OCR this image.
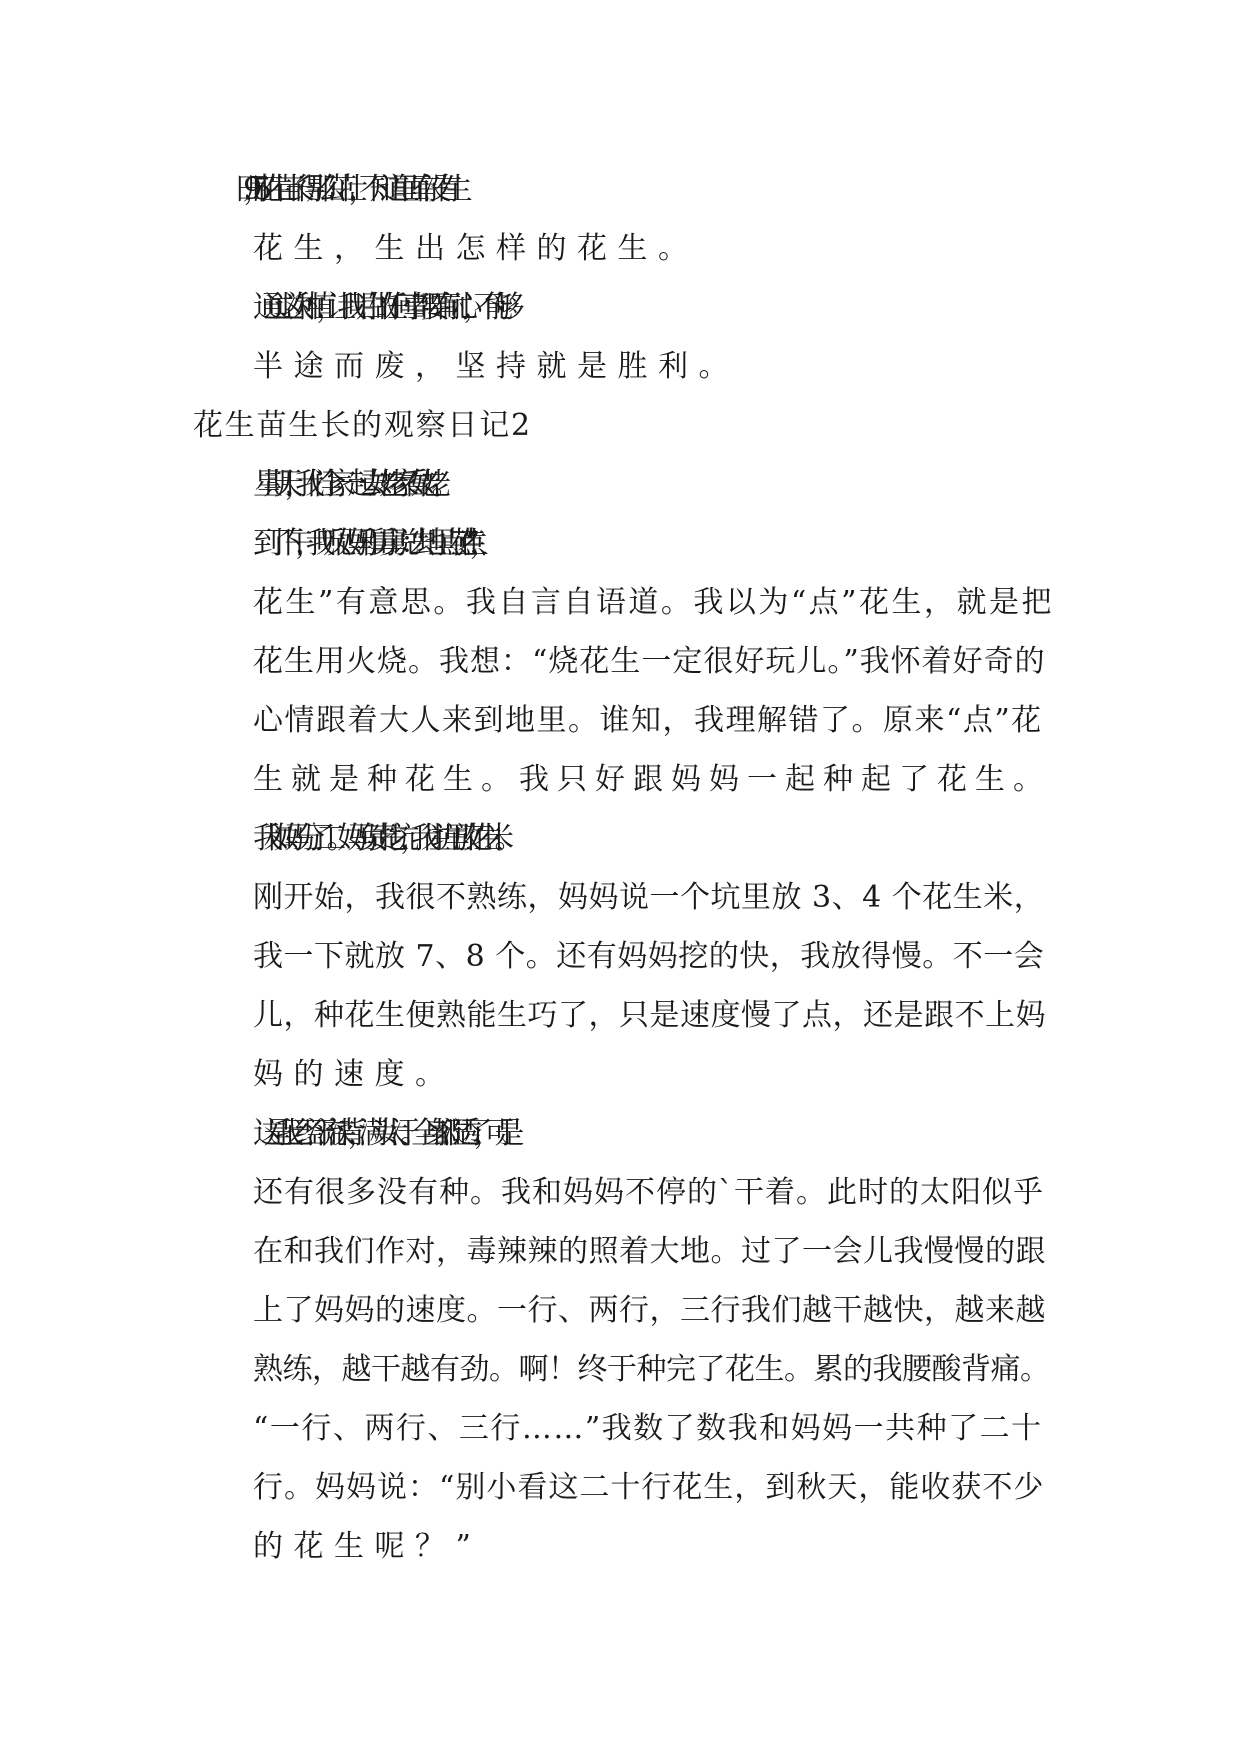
5 月 9 日，花生苗长得那么茁壮，不知道里面有没有生
花生，生出怎样的花生。

通过这次种植，让我明白做任何事都要有耐心，不能够
半途而废，坚持就是胜利。

花生苗生长的观察日记2

星期天，我们全家一起去姥姥家看姥姥。

到了下午，我听见妈妈和舅舅说：“去地里点花生，”“点
花生”有意思。我自言自语道。我以为“点”花生，就是把
花生用火烧。我想：“烧花生一定很好玩儿。”我怀着好奇的
心情跟着大人来到地里。谁知，我理解错了。原来“点”花
生就是种花生。我只好跟妈妈一起种起了花生。

我和妈妈分了工。妈妈负责挖坑，我往坑里放花生米。
刚开始，我很不熟练，妈妈说一个坑里放 3、4 个花生米，
我一下就放 7、8 个。还有妈妈挖的快，我放得慢。不一会
儿，种花生便熟能生巧了，只是速度慢了点，还是跟不上妈
妈的速度。

这是我已经汗流浃背，满头大汗。全身都湿透了，可是
还有很多没有种。我和妈妈不停的`干着。此时的太阳似乎
在和我们作对，毒辣辣的照着大地。过了一会儿我慢慢的跟
上了妈妈的速度。一行、两行，三行我们越干越快，越来越
熟练，越干越有劲。啊！终于种完了花生。累的我腰酸背痛。
“一行、两行、三行……”我数了数我和妈妈一共种了二十
行。妈妈说：“别小看这二十行花生，到秋天，能收获不少
的花生呢？”
